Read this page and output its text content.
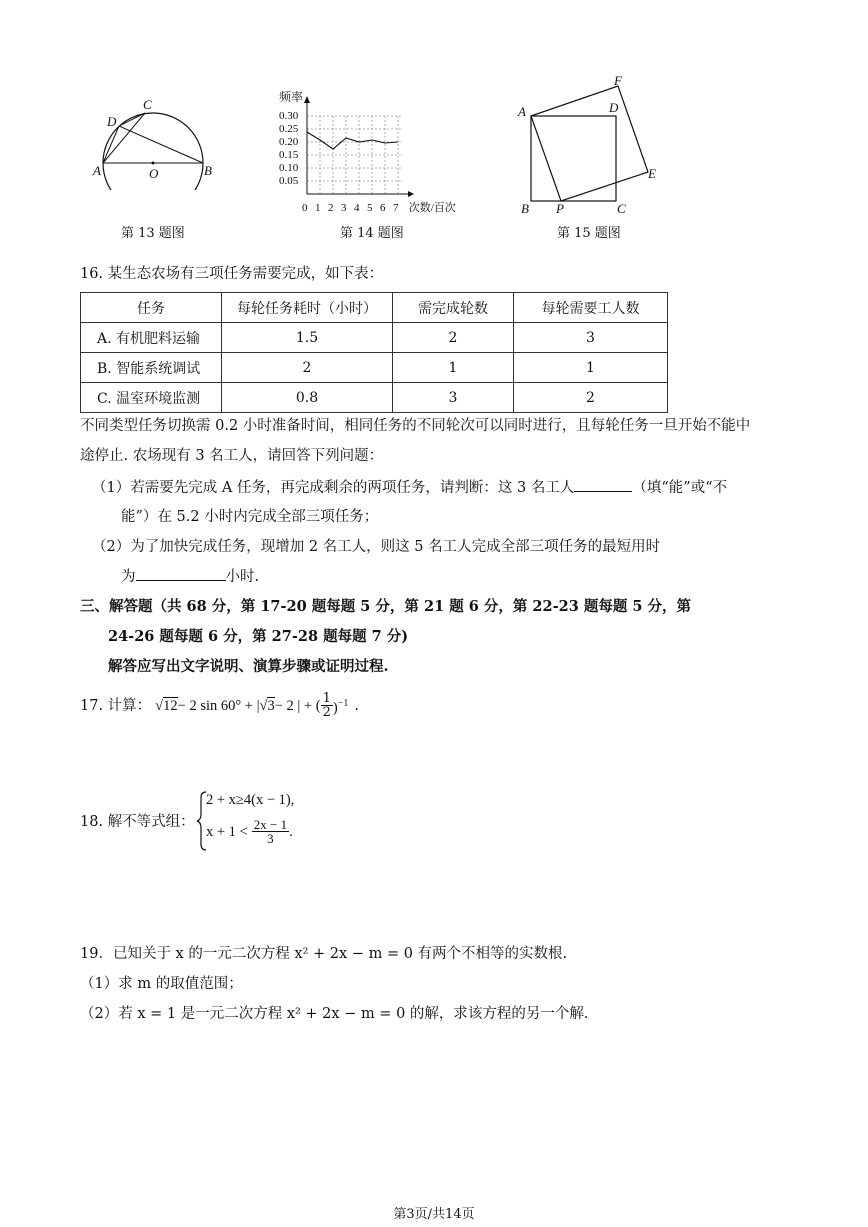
A	B
C
D
O
第 13 题图
频率
0.30
0.25
0.20
0.15
0.10
0.05
0 1 2 3 4 5 6 7 次数/百次
第 14 题图
A
B	C
D
E
F
P
第 15 题图
16. 某生态农场有三项任务需要完成，如下表：
任务	每轮任务耗时（小时）	需完成轮数	每轮需要工人数
A. 有机肥料运输	1.5	2	3
B. 智能系统调试	2	1	1
C. 温室环境监测	0.8	3	2
不同类型任务切换需 0.2 小时准备时间，相同任务的不同轮次可以同时进行，且每轮任务一旦开始不能中
途停止. 农场现有 3 名工人，请回答下列问题：
（1）若需要先完成 A 任务，再完成剩余的两项任务，请判断：这 3 名工人	（填“能”或“不
能”）在 5.2 小时内完成全部三项任务；
（2）为了加快完成任务，现增加 2 名工人，则这 5 名工人完成全部三项任务的最短用时
为	小时.
三、解答题（共 68 分，第 17-20 题每题 5 分，第 21 题 6 分，第 22-23 题每题 5 分，第
24-26 题每题 6 分，第 27-28 题每题 7 分)
解答应写出文字说明、演算步骤或证明过程.
17. 计算： √12 − 2 sin 60° + | √3 − 2 | + ( $\frac{1}{2} )^{-1}$ .
18. 解不等式组：
2 + x≥4(x − 1),
$x + 1 < \frac{2x - 1}{3}$ .
19．已知关于 x 的一元二次方程 x² + 2x − m = 0 有两个不相等的实数根.
（1）求 m 的取值范围；
（2）若 x = 1 是一元二次方程 x² + 2x − m = 0 的解，求该方程的另一个解.
第3页/共14页
